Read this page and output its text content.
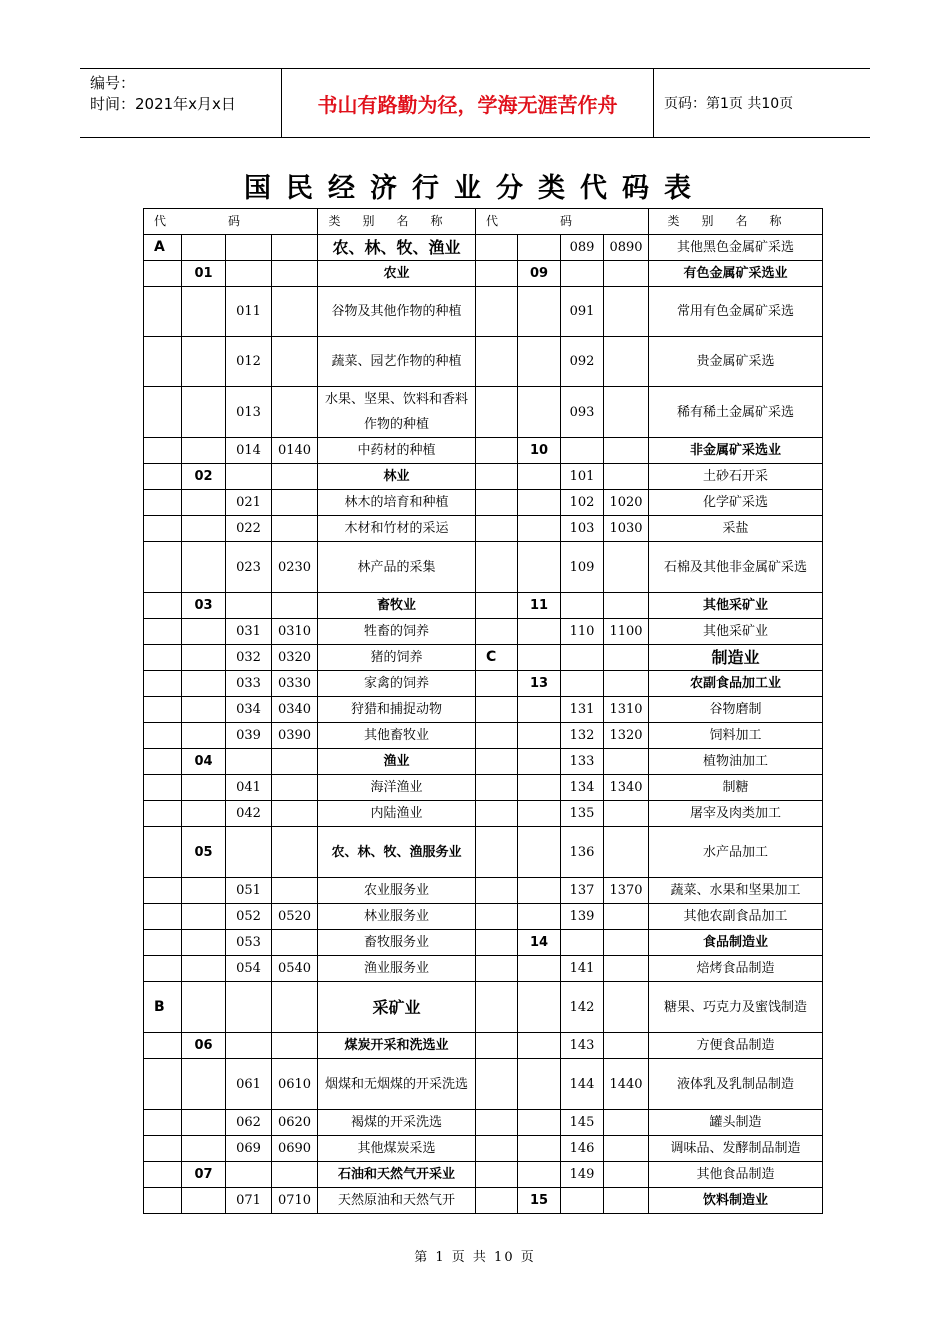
编号：
时间：2021年x月x日	书山有路勤为径，学海无涯苦作舟	页码：第1页 共10页
国民经济行业分类代码表
代码				类别名称	代码				类别名称
A				农、林、牧、渔业			089	0890	其他黑色金属矿采选
	01			农业		09			有色金属矿采选业
		011		谷物及其他作物的种植			091		常用有色金属矿采选
		012		蔬菜、园艺作物的种植			092		贵金属矿采选
		013		水果、坚果、饮料和香料作物的种植			093		稀有稀土金属矿采选
		014	0140	中药材的种植		10			非金属矿采选业
	02			林业			101		土砂石开采
		021		林木的培育和种植			102	1020	化学矿采选
		022		木材和竹材的采运			103	1030	采盐
		023	0230	林产品的采集			109		石棉及其他非金属矿采选
	03			畜牧业		11			其他采矿业
		031	0310	牲畜的饲养			110	1100	其他采矿业
		032	0320	猪的饲养	C				制造业
		033	0330	家禽的饲养		13			农副食品加工业
		034	0340	狩猎和捕捉动物			131	1310	谷物磨制
		039	0390	其他畜牧业			132	1320	饲料加工
	04			渔业			133		植物油加工
		041		海洋渔业			134	1340	制糖
		042		内陆渔业			135		屠宰及肉类加工
	05			农、林、牧、渔服务业			136		水产品加工
		051		农业服务业			137	1370	蔬菜、水果和坚果加工
		052	0520	林业服务业			139		其他农副食品加工
		053		畜牧服务业		14			食品制造业
		054	0540	渔业服务业			141		焙烤食品制造
B				采矿业			142		糖果、巧克力及蜜饯制造
	06			煤炭开采和洗选业			143		方便食品制造
		061	0610	烟煤和无烟煤的开采洗选			144	1440	液体乳及乳制品制造
		062	0620	褐煤的开采洗选			145		罐头制造
		069	0690	其他煤炭采选			146		调味品、发酵制品制造
	07			石油和天然气开采业			149		其他食品制造
		071	0710	天然原油和天然气开		15			饮料制造业
第 1 页 共 10 页
